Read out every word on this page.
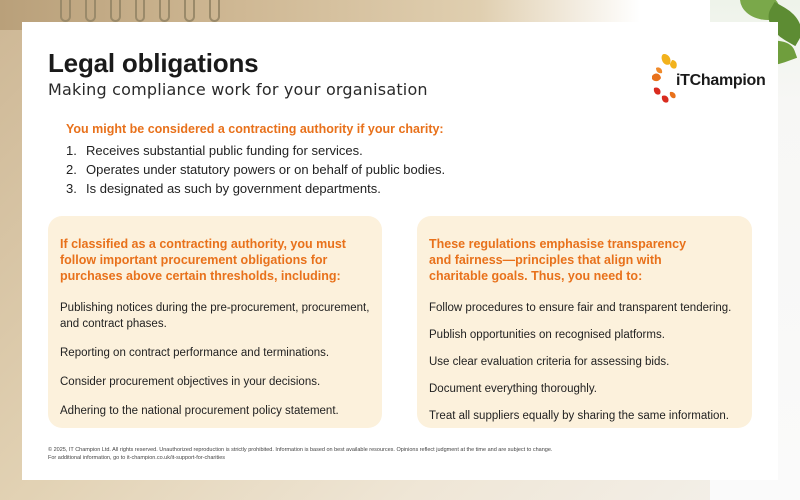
Legal obligations
Making compliance work for your organisation	iTChampion
You might be considered a contracting authority if your charity:
1. Receives substantial public funding for services.
2. Operates under statutory powers or on behalf of public bodies.
3. Is designated as such by government departments.
If classified as a contracting authority, you must follow important procurement obligations for purchases above certain thresholds, including:
Publishing notices during the pre-procurement, procurement, and contract phases.
Reporting on contract performance and terminations.
Consider procurement objectives in your decisions.
Adhering to the national procurement policy statement.
These regulations emphasise transparency and fairness—principles that align with charitable goals. Thus, you need to:
Follow procedures to ensure fair and transparent tendering.
Publish opportunities on recognised platforms.
Use clear evaluation criteria for assessing bids.
Document everything thoroughly.
Treat all suppliers equally by sharing the same information.
© 2025, IT Champion Ltd. All rights reserved. Unauthorized reproduction is strictly prohibited. Information is based on best available resources. Opinions reflect judgment at the time and are subject to change.
For additional information, go to it-champion.co.uk/it-support-for-charities
